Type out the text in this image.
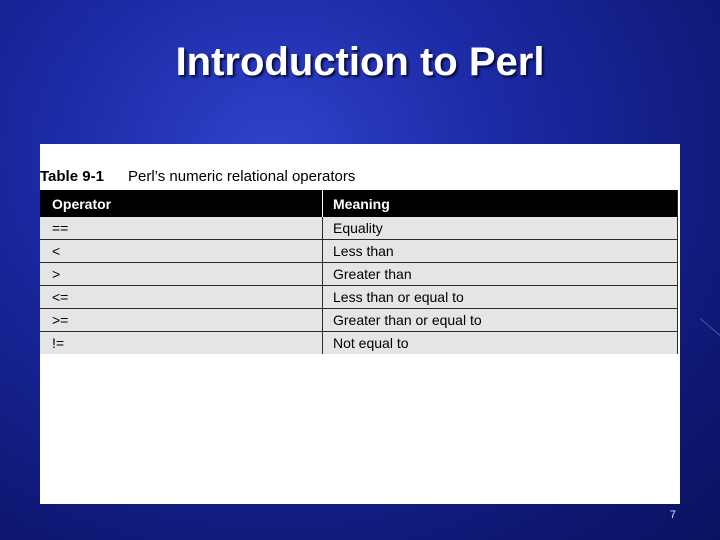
Introduction to Perl
Table 9-1	Perl’s numeric relational operators
Operator	Meaning
==	Equality
<	Less than
>	Greater than
<=	Less than or equal to
>=	Greater than or equal to
!=	Not equal to
7
